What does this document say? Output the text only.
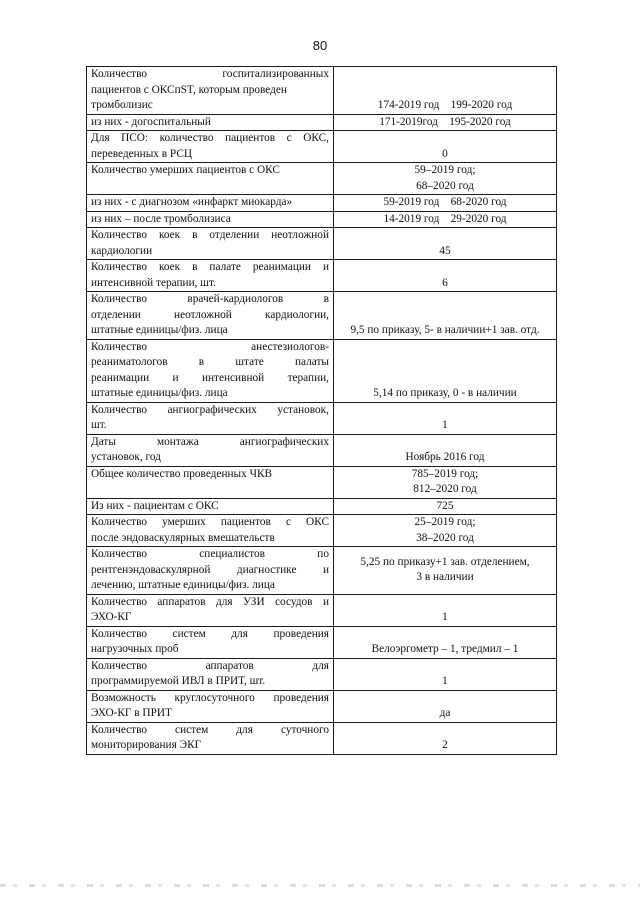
80
Количество госпитализированных
пациентов с ОКСпST, которым проведен
тромболизис	174-2019 год    199-2020 год

из них - догоспитальный	171-2019год    195-2020 год

Для ПСО: количество пациентов с ОКС,
переведенных в РСЦ	0

Количество умерших пациентов с ОКС	59–2019 год;
68–2020 год

из них - с диагнозом «инфаркт миокарда»	59-2019 год    68-2020 год

из них – после тромболизиса	14-2019 год    29-2020 год

Количество коек в отделении неотложной
кардиологии	45

Количество коек в палате реанимации и
интенсивной терапии, шт.	6

Количество врачей-кардиологов в
отделении неотложной кардиологии,
штатные единицы/физ. лица	9,5 по приказу, 5- в наличии+1 зав. отд.

Количество анестезиологов-
реаниматологов в штате палаты
реанимации и интенсивной терапии,
штатные единицы/физ. лица	5,14 по приказу, 0 - в наличии

Количество ангиографических установок,
шт.	1

Даты монтажа ангиографических
установок, год	Ноябрь 2016 год

Общее количество проведенных ЧКВ	785–2019 год;
812–2020 год

Из них - пациентам с ОКС	725

Количество умерших пациентов с ОКС
после эндоваскулярных вмешательств	25–2019 год;
38–2020 год

Количество специалистов по
рентгенэндоваскулярной диагностике и
лечению, штатные единицы/физ. лица	5,25 по приказу+1 зав. отделением,
3 в наличии

Количество аппаратов для УЗИ сосудов и
ЭХО-КГ	1

Количество систем для проведения
нагрузочных проб	Велоэргометр – 1, тредмил – 1

Количество аппаратов для
программируемой ИВЛ в ПРИТ, шт.	1

Возможность круглосуточного проведения
ЭХО-КГ в ПРИТ	да

Количество систем для суточного
мониторирования ЭКГ	2
